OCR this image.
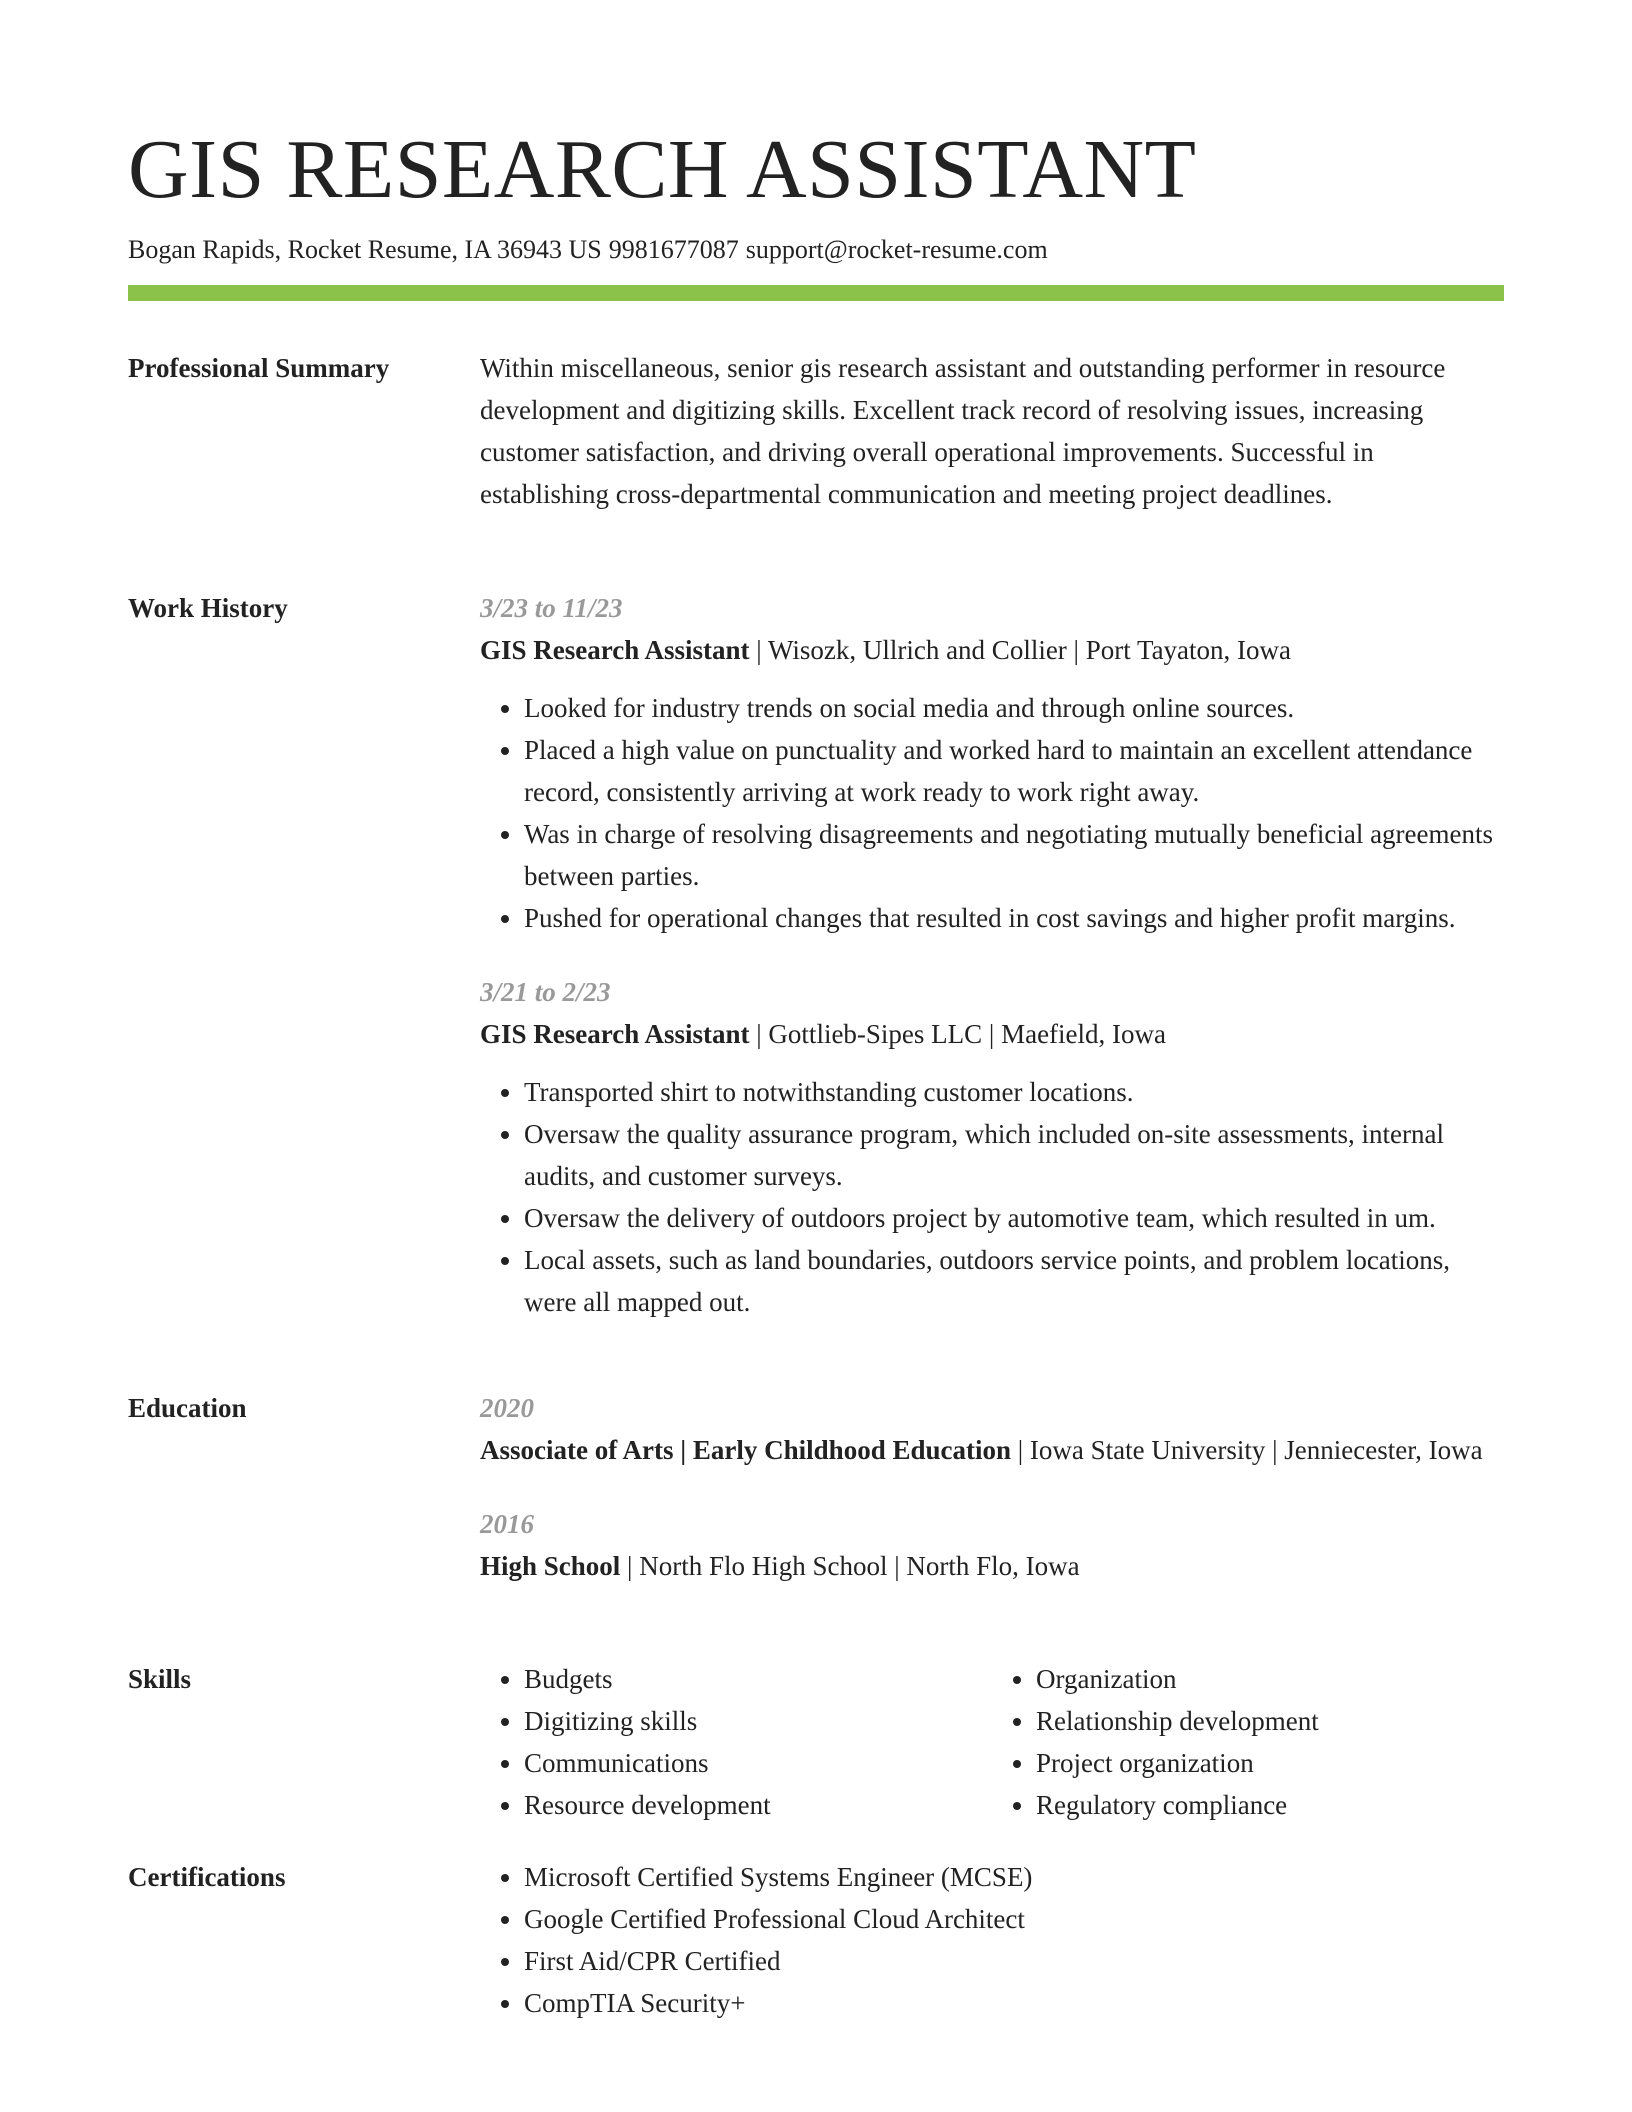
GIS RESEARCH ASSISTANT
Bogan Rapids, Rocket Resume, IA 36943 US 9981677087 support@rocket-resume.com
Professional Summary	Within miscellaneous, senior gis research assistant and outstanding performer in resource development and digitizing skills. Excellent track record of resolving issues, increasing customer satisfaction, and driving overall operational improvements. Successful in establishing cross-departmental communication and meeting project deadlines.

Work History	3/23 to 11/23
GIS Research Assistant | Wisozk, Ullrich and Collier | Port Tayaton, Iowa
• Looked for industry trends on social media and through online sources.
• Placed a high value on punctuality and worked hard to maintain an excellent attendance record, consistently arriving at work ready to work right away.
• Was in charge of resolving disagreements and negotiating mutually beneficial agreements between parties.
• Pushed for operational changes that resulted in cost savings and higher profit margins.
3/21 to 2/23
GIS Research Assistant | Gottlieb-Sipes LLC | Maefield, Iowa
• Transported shirt to notwithstanding customer locations.
• Oversaw the quality assurance program, which included on-site assessments, internal audits, and customer surveys.
• Oversaw the delivery of outdoors project by automotive team, which resulted in um.
• Local assets, such as land boundaries, outdoors service points, and problem locations, were all mapped out.
Education	2020
Associate of Arts | Early Childhood Education | Iowa State University | Jenniecester, Iowa
2016
High School | North Flo High School | North Flo, Iowa
Skills	• Budgets
• Digitizing skills
• Communications
• Resource development
• Organization
• Relationship development
• Project organization
• Regulatory compliance
Certifications	• Microsoft Certified Systems Engineer (MCSE)
• Google Certified Professional Cloud Architect
• First Aid/CPR Certified
• CompTIA Security+
